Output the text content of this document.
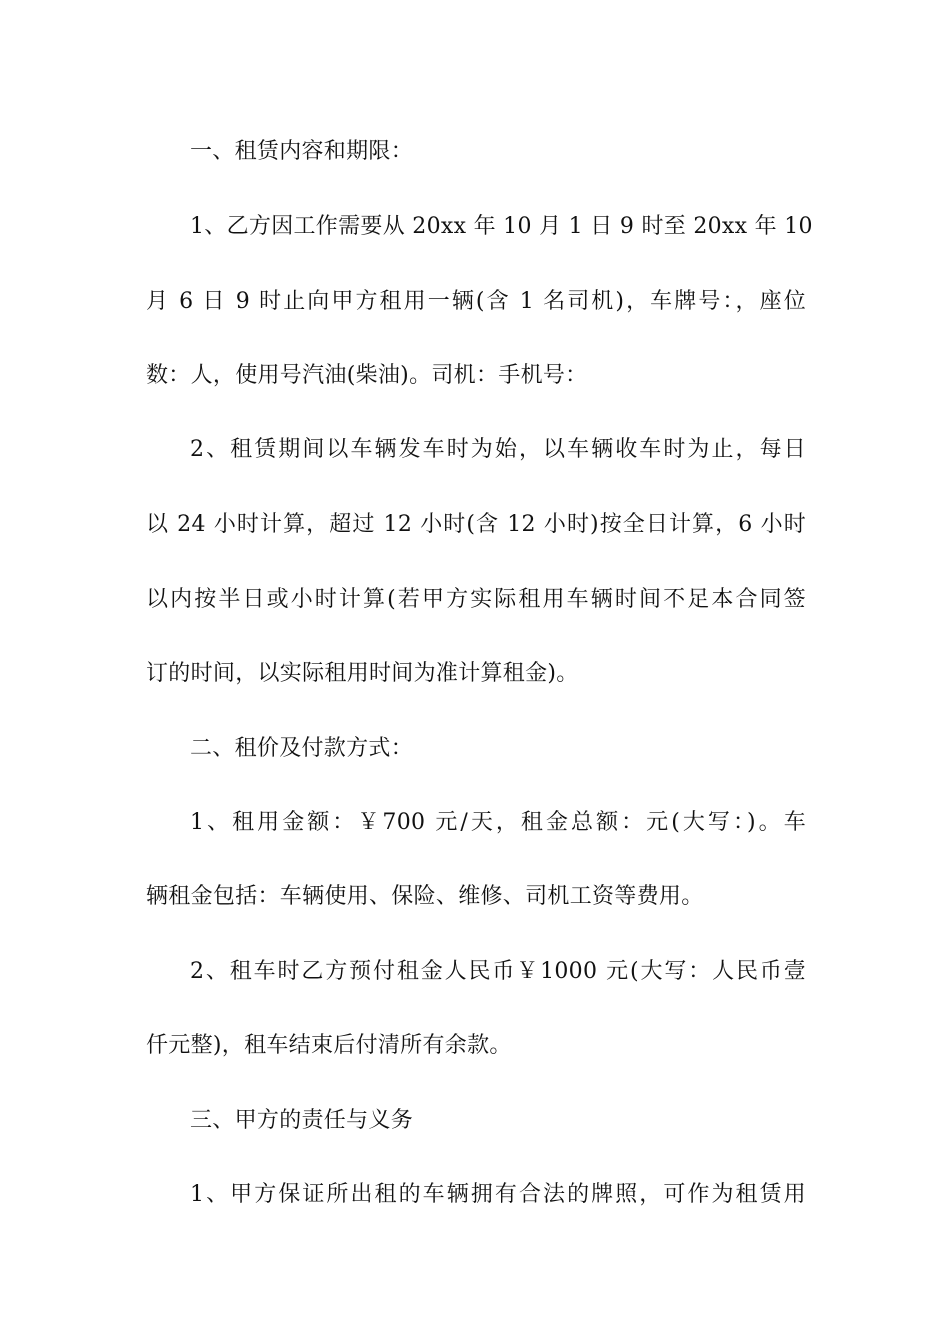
一、租赁内容和期限：
1、乙方因工作需要从 20xx 年 10 月 1 日 9 时至 20xx 年 10
月 6 日 9 时止向甲方租用一辆(含 1 名司机)，车牌号：，座位
数：人，使用号汽油(柴油)。司机：手机号：
2、租赁期间以车辆发车时为始，以车辆收车时为止，每日
以 24 小时计算，超过 12 小时(含 12 小时)按全日计算，6 小时
以内按半日或小时计算(若甲方实际租用车辆时间不足本合同签
订的时间，以实际租用时间为准计算租金)。
二、租价及付款方式：
1、租用金额：￥700 元/天，租金总额：元(大写：)。车
辆租金包括：车辆使用、保险、维修、司机工资等费用。
2、租车时乙方预付租金人民币￥1000 元(大写：人民币壹
仟元整)，租车结束后付清所有余款。
三、甲方的责任与义务
1、甲方保证所出租的车辆拥有合法的牌照，可作为租赁用
